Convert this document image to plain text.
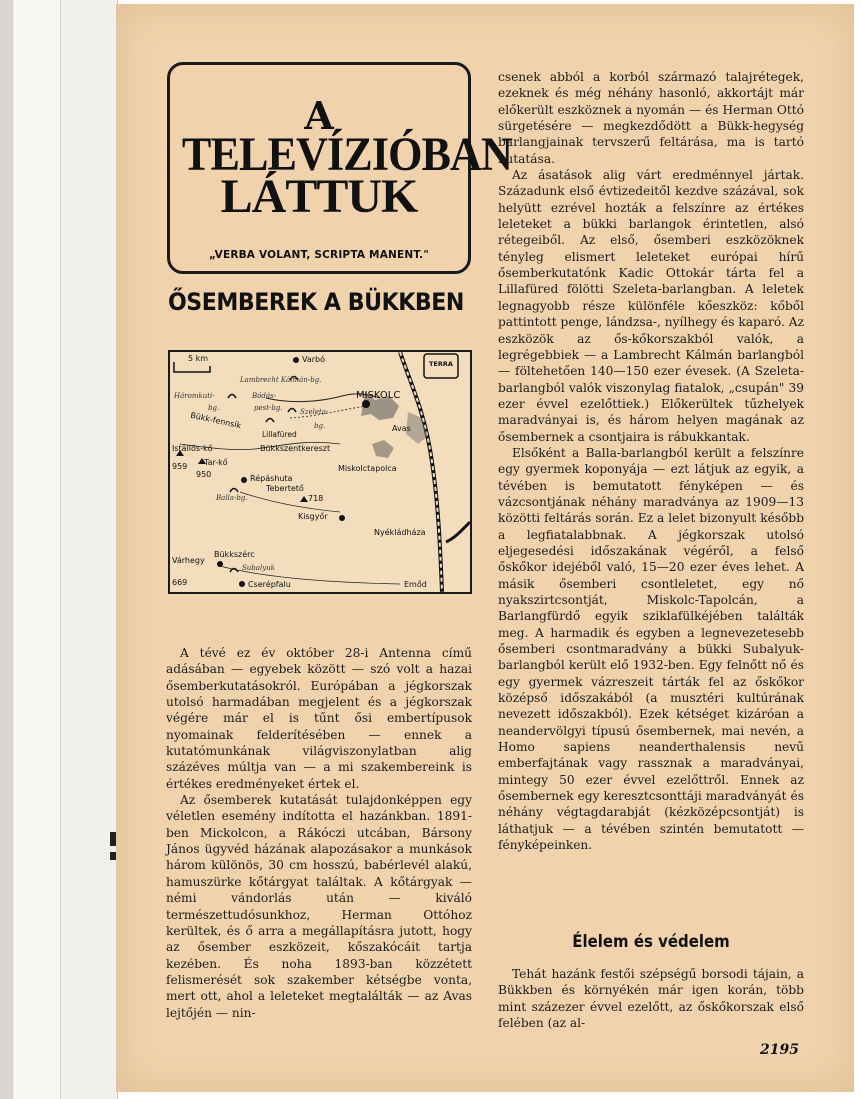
A
TELEVÍZIÓBAN
LÁTTUK
„VERBA VOLANT, SCRIPTA MANENT."
ŐSEMBEREK A BÜKKBEN
5 km	Varbó
Lambrecht Kálmán-bg.
Háromkuti-
bg.
Bódás-
pest-bg.
MISKOLC
Szeleta-
Bükk-fennsík
Lillafüred
bg.	Avas
Istállós-kő	Bükkszentkereszt
959 Tar-kő
950	Répáshuta
Miskolctapolca
Tebertető
Balla-bg.	718
Kisgyőr
Nyékládháza
Várhegy
Bükkszérc
Subalyuk
669	Cserépfalu	Emőd
TERRA

A tévé ez év október 28-i Antenna című adásában — egyebek között — szó volt a hazai ősemberkutatásokról. Európában a jégkorszak utolsó harmadában megjelent és a jégkorszak végére már el is tűnt ősi embertípusok nyomainak felderítésében — ennek a kutatómunkának világviszonylatban alig százéves múltja van — a mi szakembereink is értékes eredményeket értek el.

Az ősemberek kutatását tulajdonképpen egy véletlen esemény indította el hazánkban. 1891-ben Mickolcon, a Rákóczi utcában, Bársony János ügyvéd házának alapozásakor a munkások három különös, 30 cm hosszú, babérlevél alakú, hamuszürke kőtárgyat találtak. A kőtárgyak — némi vándorlás után — kiváló természettudósunkhoz, Herman Ottóhoz kerültek, és ő arra a megállapításra jutott, hogy az ősember eszközeit, kőszakócáit tartja kezében. És noha 1893-ban közzétett felismerését sok szakember kétségbe vonta, mert ott, ahol a leleteket megtalálták — az Avas lejtőjén — nin-

csenek abból a korból származó talajrétegek, ezeknek és még néhány hasonló, akkortájt már előkerült eszköznek a nyomán — és Herman Ottó sürgetésére — megkezdődött a Bükk-hegység barlangjainak tervszerű feltárása, ma is tartó kutatása.

Az ásatások alig várt eredménnyel jártak. Századunk első évtizedeitől kezdve százával, sok helyütt ezrével hozták a felszínre az értékes leleteket a bükki barlangok érintetlen, alsó rétegeiből. Az első, ősemberi eszközöknek tényleg elismert leleteket európai hírű ősemberkutatónk Kadic Ottokár tárta fel a Lillafüred fölötti Szeleta-barlangban. A leletek legnagyobb része különféle kőeszköz: kőből pattintott penge, lándzsa-, nyílhegy és kaparó. Az eszközök az ős-kőkorszakból valók, a legrégebbiek — a Lambrecht Kálmán barlangból — föltehetően 140—150 ezer évesek. (A Szeleta-barlangból valók viszonylag fiatalok, „csupán" 39 ezer évvel ezelőttiek.) Előkerültek tűzhelyek maradványai is, és három helyen magának az ősembernek a csontjaira is rábukkantak.

Elsőként a Balla-barlangból került a felszínre egy gyermek koponyája — ezt látjuk az egyik, a tévében is bemutatott fényképen — és vázcsontjának néhány maradványa az 1909—13 közötti feltárás során. Ez a lelet bizonyult később a legfiatalabbnak. A jégkorszak utolsó eljegesedési időszakának végéről, a felső őskőkor idejéből való, 15—20 ezer éves lehet. A másik ősemberi csontleletet, egy nő nyakszirtcsontját, Miskolc-Tapolcán, a Barlangfürdő egyik sziklafülkéjében találták meg. A harmadik és egyben a legnevezetesebb ősemberi csontmaradvány a bükki Subalyuk-barlangból került elő 1932-ben. Egy felnőtt nő és egy gyermek vázreszeit tárták fel az őskőkor középső időszakából (a musztéri kultúrának nevezett időszakból). Ezek kétséget kizáróan a neandervölgyi típusú ősembernek, mai nevén, a Homo sapiens neanderthalensis nevű emberfajtának vagy rassznak a maradványai, mintegy 50 ezer évvel ezelőttről. Ennek az ősembernek egy keresztcsonttáji maradványát és néhány végtagdarabját (kézközépcsontját) is láthatjuk — a tévében szintén bemutatott — fényképeinken.

Élelem és védelem

Tehát hazánk festői szépségű borsodi tájain, a Bükkben és környékén már igen korán, több mint százezer évvel ezelőtt, az őskőkorszak első felében (az al-

2195
